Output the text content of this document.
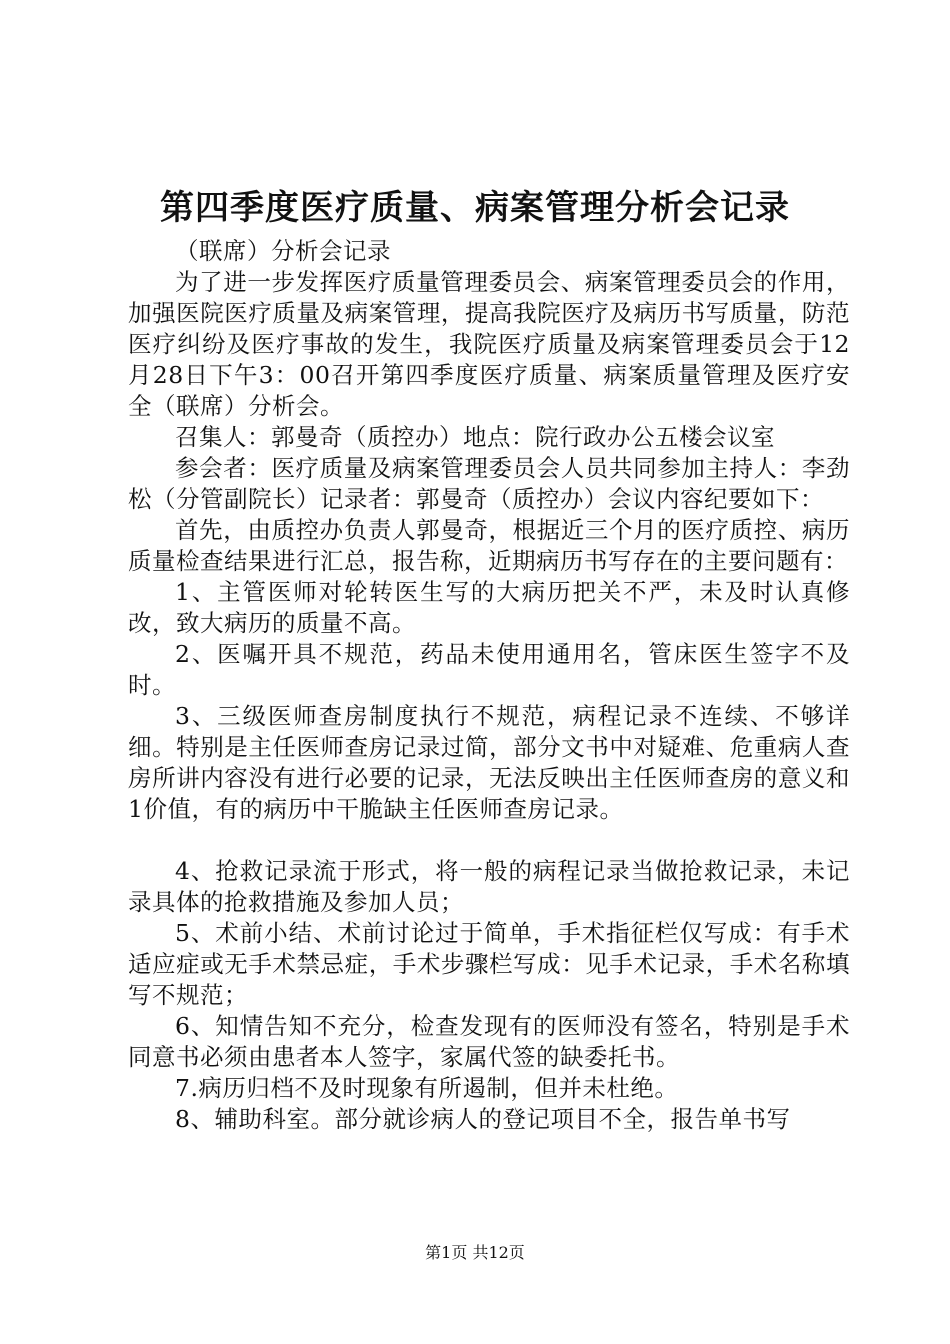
第四季度医疗质量、病案管理分析会记录

（联席）分析会记录

为了进一步发挥医疗质量管理委员会、病案管理委员会的作用，加强医院医疗质量及病案管理，提高我院医疗及病历书写质量，防范医疗纠纷及医疗事故的发生，我院医疗质量及病案管理委员会于12月28日下午3：00召开第四季度医疗质量、病案质量管理及医疗安全（联席）分析会。

召集人：郭曼奇（质控办）地点：院行政办公五楼会议室

参会者：医疗质量及病案管理委员会人员共同参加主持人：李劲松（分管副院长）记录者：郭曼奇（质控办）会议内容纪要如下：

首先，由质控办负责人郭曼奇，根据近三个月的医疗质控、病历质量检查结果进行汇总，报告称，近期病历书写存在的主要问题有：

1、主管医师对轮转医生写的大病历把关不严，未及时认真修改，致大病历的质量不高。

2、医嘱开具不规范，药品未使用通用名，管床医生签字不及时。

3、三级医师查房制度执行不规范，病程记录不连续、不够详细。特别是主任医师查房记录过简，部分文书中对疑难、危重病人查房所讲内容没有进行必要的记录，无法反映出主任医师查房的意义和1价值，有的病历中干脆缺主任医师查房记录。

4、抢救记录流于形式，将一般的病程记录当做抢救记录，未记录具体的抢救措施及参加人员；

5、术前小结、术前讨论过于简单，手术指征栏仅写成：有手术适应症或无手术禁忌症，手术步骤栏写成：见手术记录，手术名称填写不规范；

6、知情告知不充分，检查发现有的医师没有签名，特别是手术同意书必须由患者本人签字，家属代签的缺委托书。

7.病历归档不及时现象有所遏制，但并未杜绝。

8、辅助科室。部分就诊病人的登记项目不全，报告单书写

第1页 共12页
